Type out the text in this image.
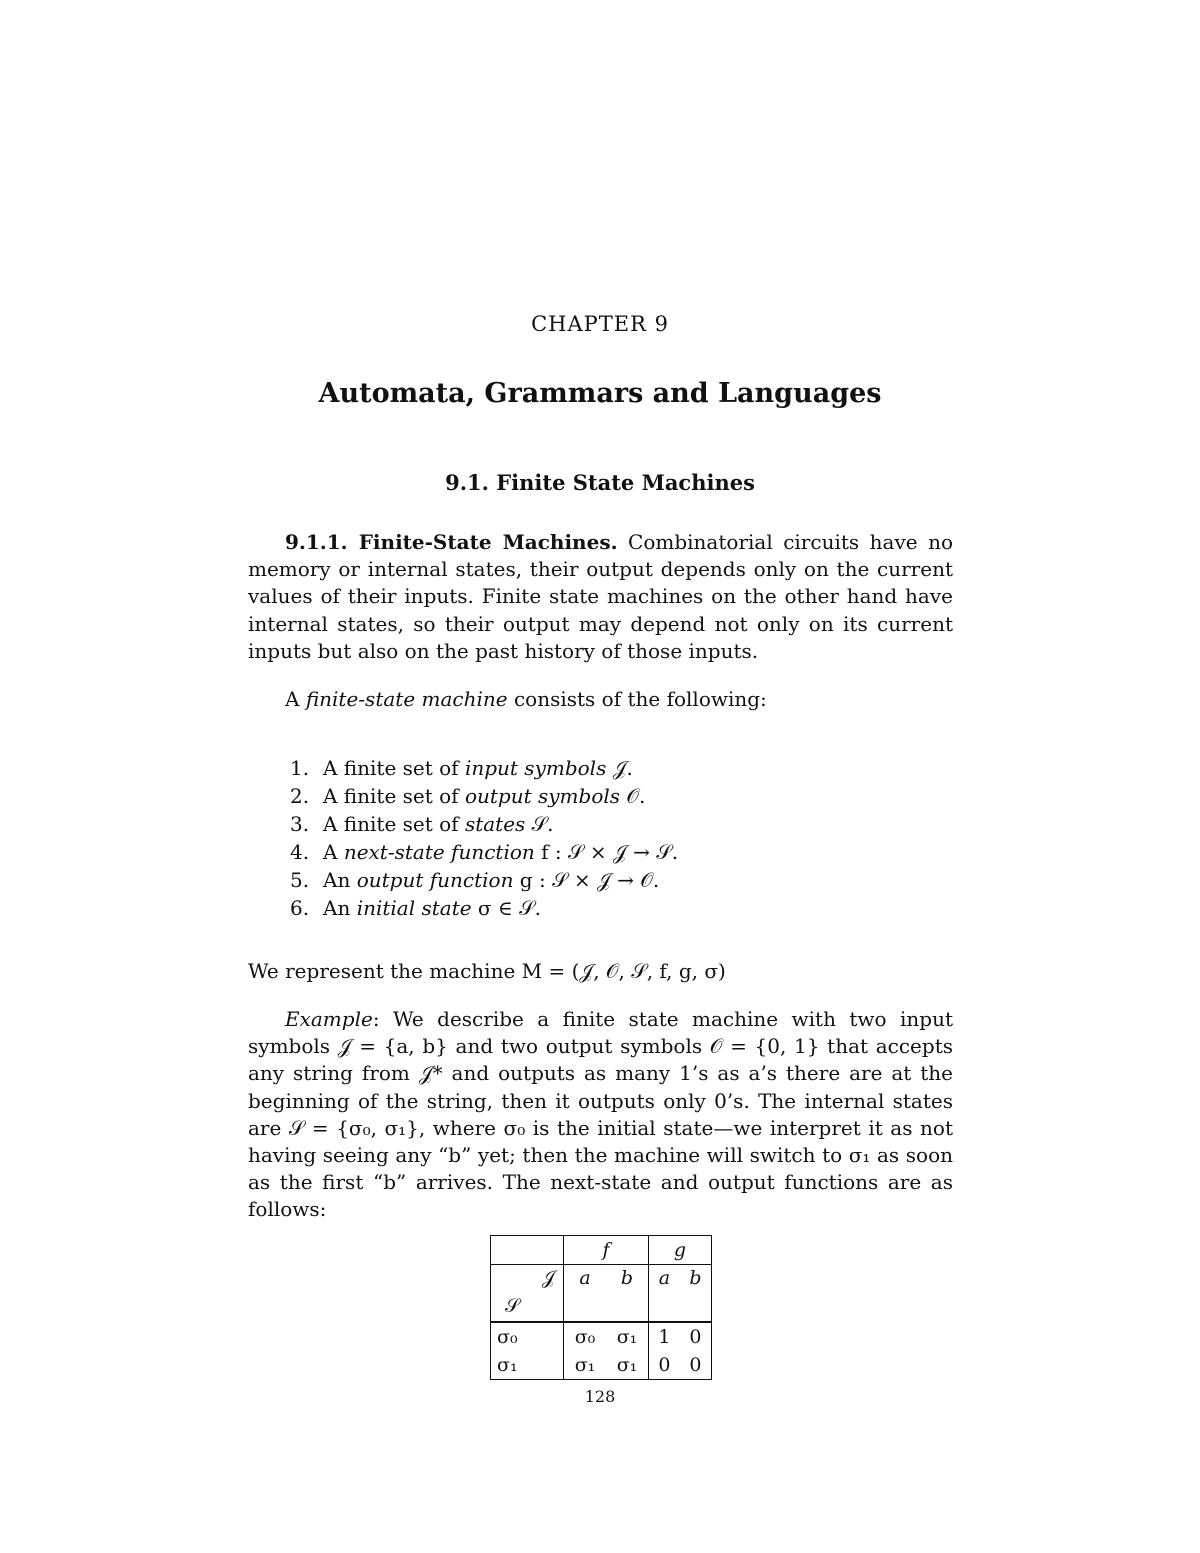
CHAPTER 9
Automata, Grammars and Languages
9.1. Finite State Machines
9.1.1. Finite-State Machines. Combinatorial circuits have no memory or internal states, their output depends only on the current values of their inputs. Finite state machines on the other hand have internal states, so their output may depend not only on its current inputs but also on the past history of those inputs.
A finite-state machine consists of the following:
1. A finite set of input symbols 𝒥.
2. A finite set of output symbols 𝒪.
3. A finite set of states 𝒮.
4. A next-state function f : 𝒮 × 𝒥 → 𝒮.
5. An output function g : 𝒮 × 𝒥 → 𝒪.
6. An initial state σ ∈ 𝒮.
We represent the machine M = (𝒥, 𝒪, 𝒮, f, g, σ)
Example: We describe a finite state machine with two input symbols 𝒥 = {a, b} and two output symbols 𝒪 = {0, 1} that accepts any string from 𝒥* and outputs as many 1’s as a’s there are at the beginning of the string, then it outputs only 0’s. The internal states are 𝒮 = {σ₀, σ₁}, where σ₀ is the initial state—we interpret it as not having seeing any “b” yet; then the machine will switch to σ₁ as soon as the first “b” arrives. The next-state and output functions are as follows:
	f		g	

𝒥
𝒮	a	b	a	b
σ₀	σ₀	σ₁	1	0
σ₁	σ₁	σ₁	0	0
128
